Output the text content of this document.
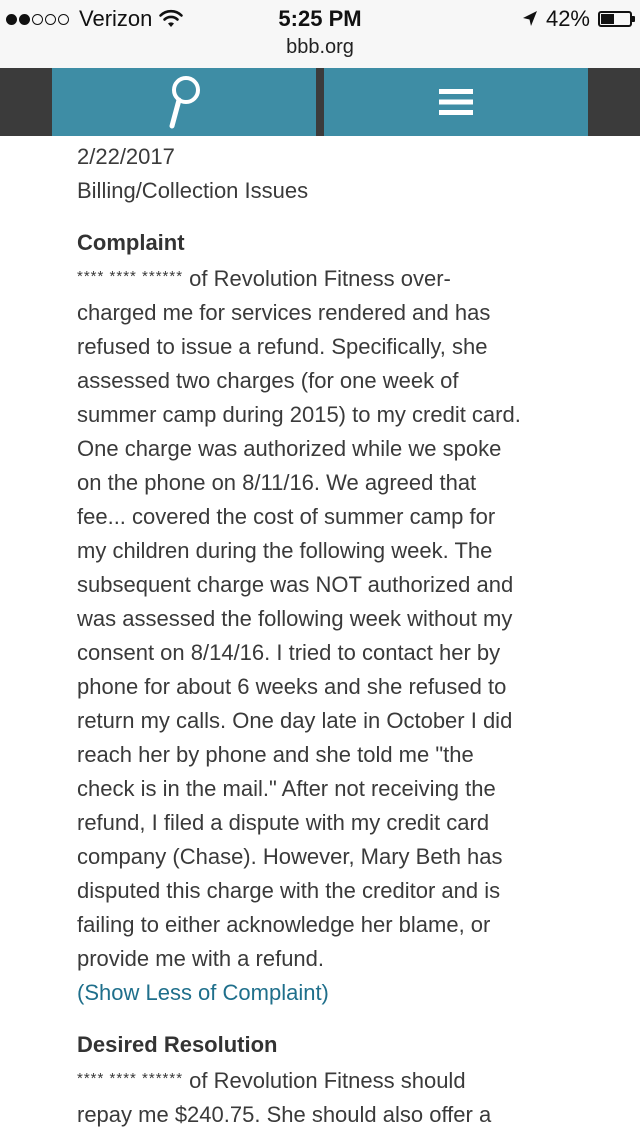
Verizon	5:25 PM	42%
bbb.org
2/22/2017
Billing/Collection Issues
Complaint
**** **** ****** of Revolution Fitness over-
charged me for services rendered and has
refused to issue a refund. Specifically, she
assessed two charges (for one week of
summer camp during 2015) to my credit card.
One charge was authorized while we spoke
on the phone on 8/11/16. We agreed that
fee... covered the cost of summer camp for
my children during the following week. The
subsequent charge was NOT authorized and
was assessed the following week without my
consent on 8/14/16. I tried to contact her by
phone for about 6 weeks and she refused to
return my calls. One day late in October I did
reach her by phone and she told me "the
check is in the mail." After not receiving the
refund, I filed a dispute with my credit card
company (Chase). However, Mary Beth has
disputed this charge with the creditor and is
failing to either acknowledge her blame, or
provide me with a refund.
(Show Less of Complaint)
Desired Resolution
**** **** ****** of Revolution Fitness should
repay me $240.75. She should also offer a
